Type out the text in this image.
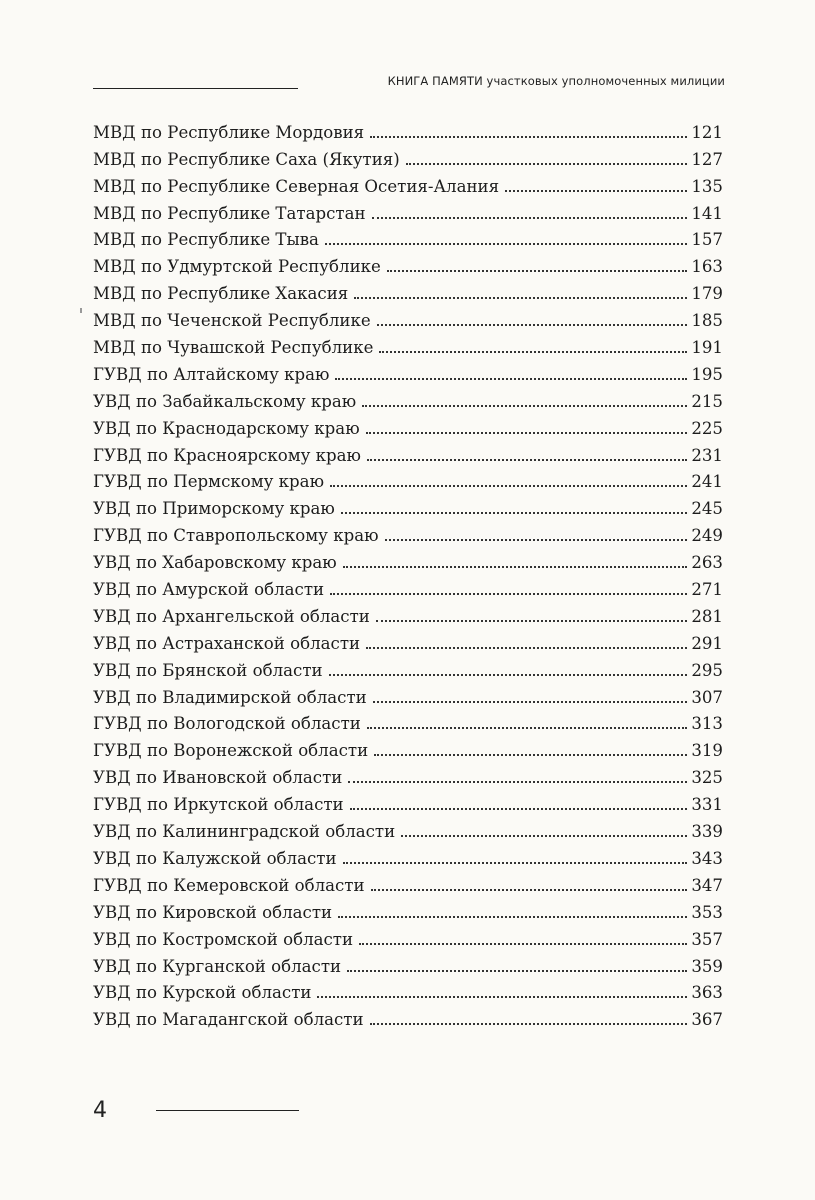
КНИГА ПАМЯТИ участковых уполномоченных милиции
МВД по Республике Мордовия	121
МВД по Республике Саха (Якутия)	127
МВД по Республике Северная Осетия-Алания	135
МВД по Республике Татарстан	141
МВД по Республике Тыва	157
МВД по Удмуртской Республике	163
МВД по Республике Хакасия	179
МВД по Чеченской Республике	185
МВД по Чувашской Республике	191
ГУВД по Алтайскому краю	195
УВД по Забайкальскому краю	215
УВД по Краснодарскому краю	225
ГУВД по Красноярскому краю	231
ГУВД по Пермскому краю	241
УВД по Приморскому краю	245
ГУВД по Ставропольскому краю	249
УВД по Хабаровскому краю	263
УВД по Амурской области	271
УВД по Архангельской области	281
УВД по Астраханской области	291
УВД по Брянской области	295
УВД по Владимирской области	307
ГУВД по Вологодской области	313
ГУВД по Воронежской области	319
УВД по Ивановской области	325
ГУВД по Иркутской области	331
УВД по Калининградской области	339
УВД по Калужской области	343
ГУВД по Кемеровской области	347
УВД по Кировской области	353
УВД по Костромской области	357
УВД по Курганской области	359
УВД по Курской области	363
УВД по Магадангской области	367
4
